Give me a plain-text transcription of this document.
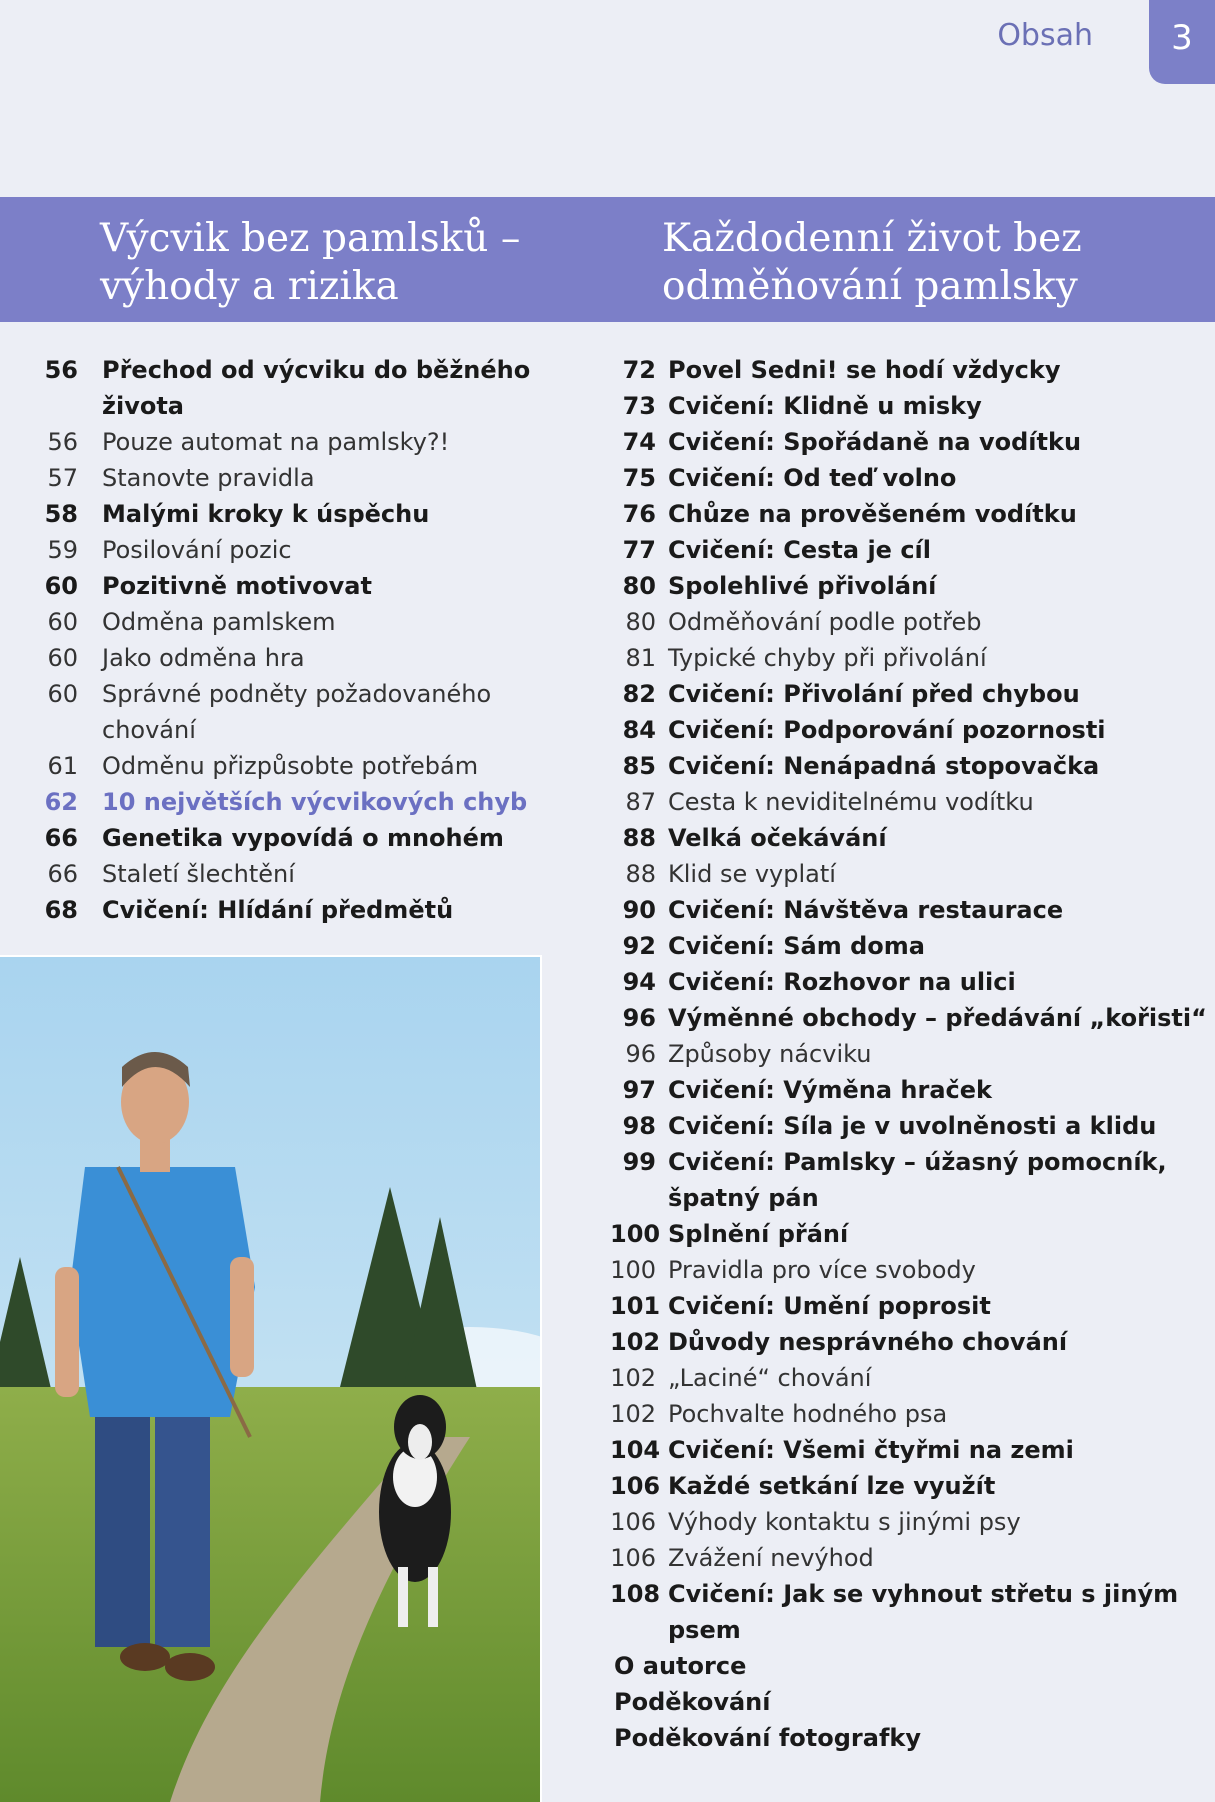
Obsah	3
Výcvik bez pamlsků –
výhody a rizika
Každodenní život bez
odměňování pamlsky
56 Přechod od výcviku do běžného života
56 Pouze automat na pamlsky?!
57 Stanovte pravidla
58 Malými kroky k úspěchu
59 Posilování pozic
60 Pozitivně motivovat
60 Odměna pamlskem
60 Jako odměna hra
60 Správné podněty požadovaného chování
61 Odměnu přizpůsobte potřebám
62 10 největších výcvikových chyb
66 Genetika vypovídá o mnohém
66 Staletí šlechtění
68 Cvičení: Hlídání předmětů
72 Povel Sedni! se hodí vždycky
73 Cvičení: Klidně u misky
74 Cvičení: Spořádaně na vodítku
75 Cvičení: Od teď volno
76 Chůze na prověšeném vodítku
77 Cvičení: Cesta je cíl
80 Spolehlivé přivolání
80 Odměňování podle potřeb
81 Typické chyby při přivolání
82 Cvičení: Přivolání před chybou
84 Cvičení: Podporování pozornosti
85 Cvičení: Nenápadná stopovačka
87 Cesta k neviditelnému vodítku
88 Velká očekávání
88 Klid se vyplatí
90 Cvičení: Návštěva restaurace
92 Cvičení: Sám doma
94 Cvičení: Rozhovor na ulici
96 Výměnné obchody – předávání „kořisti“
96 Způsoby nácviku
97 Cvičení: Výměna hraček
98 Cvičení: Síla je v uvolněnosti a klidu
99 Cvičení: Pamlsky – úžasný pomocník, špatný pán
100 Splnění přání
100 Pravidla pro více svobody
101 Cvičení: Umění poprosit
102 Důvody nesprávného chování
102 „Laciné“ chování
102 Pochvalte hodného psa
104 Cvičení: Všemi čtyřmi na zemi
106 Každé setkání lze využít
106 Výhody kontaktu s jinými psy
106 Zvážení nevýhod
108 Cvičení: Jak se vyhnout střetu s jiným psem
O autorce
Poděkování
Poděkování fotografky
